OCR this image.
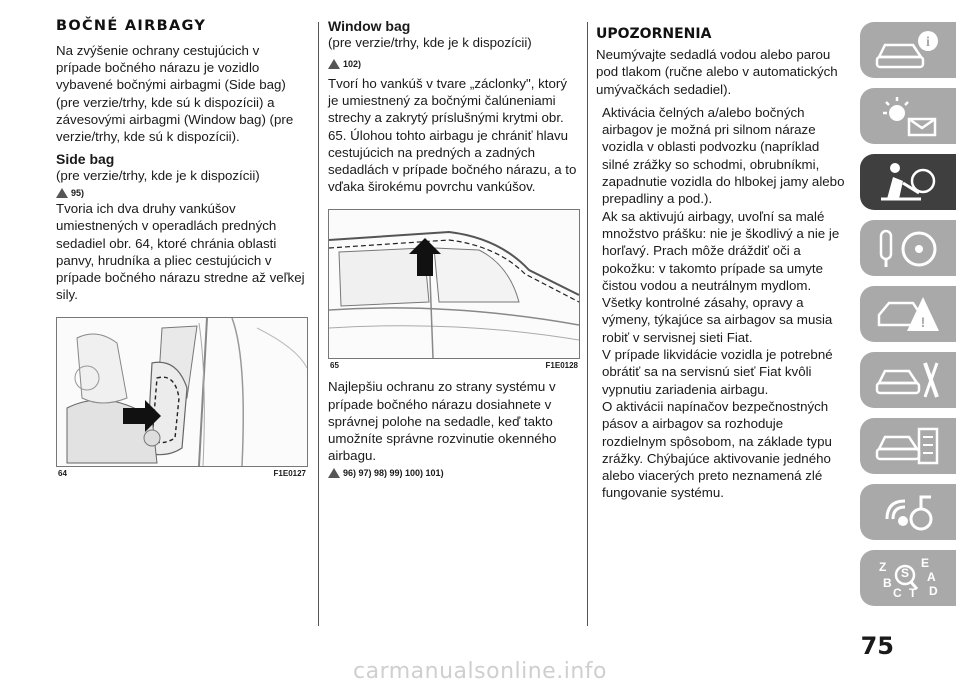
BOČNÉ AIRBAGY

Na zvýšenie ochrany cestujúcich v prípade bočného nárazu je vozidlo vybavené bočnými airbagmi (Side bag) (pre verzie/trhy, kde sú k dispozícii) a závesovými airbagmi (Window bag) (pre verzie/trhy, kde sú k dispozícii).

Side bag

(pre verzie/trhy, kde je k dispozícii)

95)

Tvoria ich dva druhy vankúšov umiestnených v operadlách predných sedadiel obr. 64, ktoré chránia oblasti panvy, hrudníka a pliec cestujúcich v prípade bočného nárazu stredne až veľkej sily.

64	F1E0127

Window bag

(pre verzie/trhy, kde je k dispozícii)

102)

Tvorí ho vankúš v tvare „záclonky", ktorý je umiestnený za bočnými čalúneniami strechy a zakrytý príslušnými krytmi obr. 65. Úlohou tohto airbagu je chrániť hlavu cestujúcich na predných a zadných sedadlách v prípade bočného nárazu, a to vďaka širokému povrchu vankúšov.

65	F1E0128

Najlepšiu ochranu zo strany systému v prípade bočného nárazu dosiahnete v správnej polohe na sedadle, keď takto umožníte správne rozvinutie okenného airbagu.

96) 97) 98) 99) 100) 101)
UPOZORNENIA

Neumývajte sedadlá vodou alebo parou pod tlakom (ručne alebo v automatických umývačkách sedadiel).

Aktivácia čelných a/alebo bočných airbagov je možná pri silnom náraze vozidla v oblasti podvozku (napríklad silné zrážky so schodmi, obrubníkmi, zapadnutie vozidla do hlbokej jamy alebo prepadliny a pod.).

Ak sa aktivujú airbagy, uvoľní sa malé množstvo prášku: nie je škodlivý a nie je horľavý. Prach môže dráždiť oči a pokožku: v takomto prípade sa umyte čistou vodou a neutrálnym mydlom.

Všetky kontrolné zásahy, opravy a výmeny, týkajúce sa airbagov sa musia robiť v servisnej sieti Fiat.

V prípade likvidácie vozidla je potrebné obrátiť sa na servisnú sieť Fiat kvôli vypnutiu zariadenia airbagu.

O aktivácii napínačov bezpečnostných pásov a airbagov sa rozhoduje rozdielnym spôsobom, na základe typu zrážky. Chýbajúce aktivovanie jedného alebo viacerých preto neznamená zlé fungovanie systému.

i
!
Z	E
S A
B
C T D
75
carmanualsonline.info
